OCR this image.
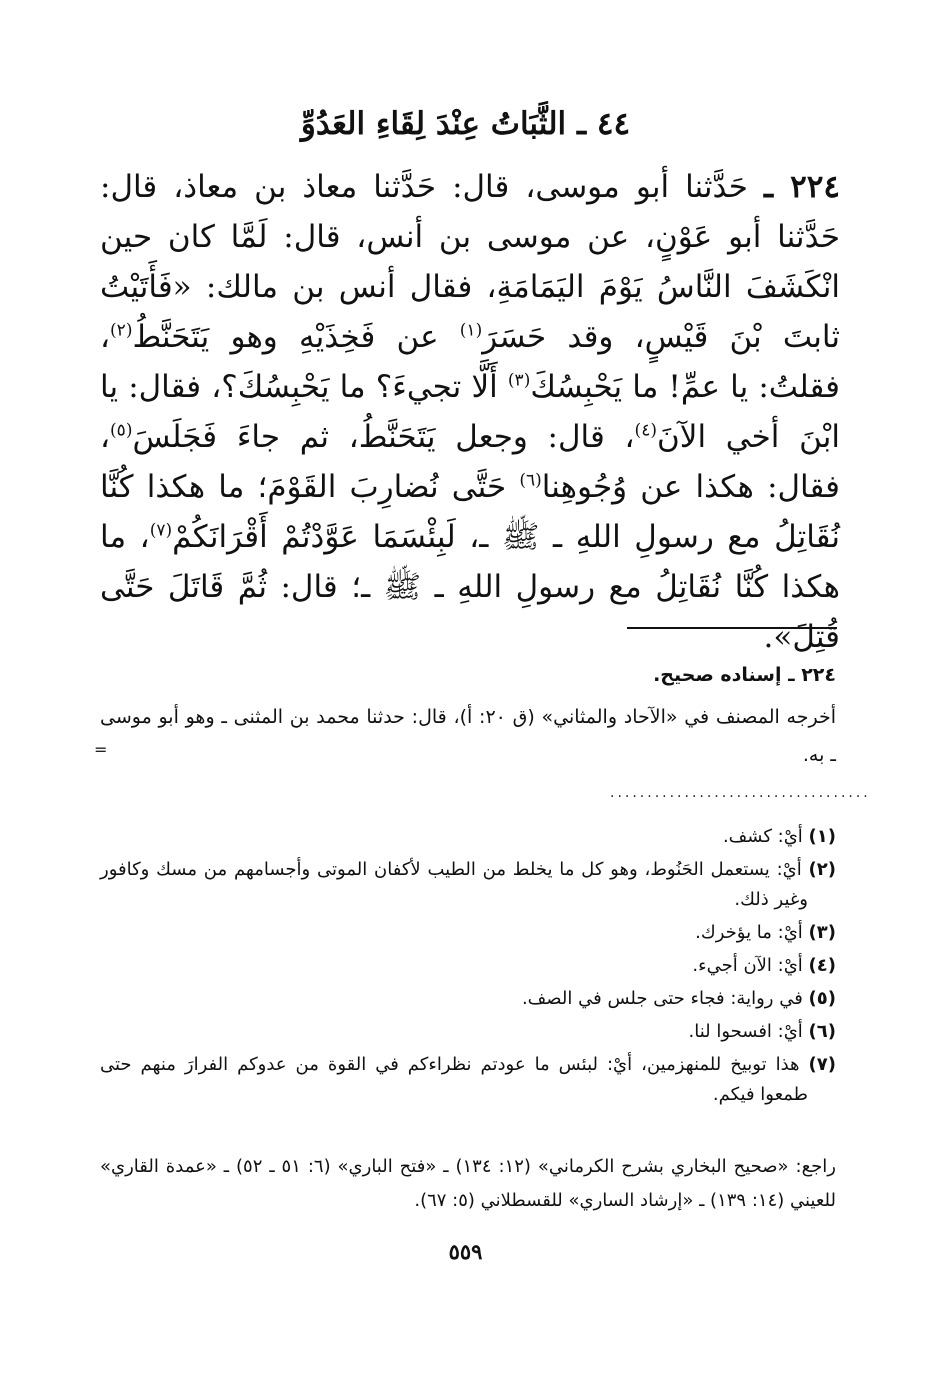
٤٤ ـ الثَّبَاتُ عِنْدَ لِقَاءِ العَدُوِّ
٢٢٤ ـ حَدَّثنا أبو موسى، قال: حَدَّثنا معاذ بن معاذ، قال: حَدَّثنا أبو عَوْنٍ، عن موسى بن أنس، قال: لَمَّا كان حين انْكَشَفَ النَّاسُ يَوْمَ اليَمَامَةِ، فقال أنس بن مالك: «فَأَتَيْتُ ثابتَ بْنَ قَيْسٍ، وقد حَسَرَ$^{(١)}$ عن فَخِذَيْهِ وهو يَتَحَنَّطُ$^{(٢)}$، فقلتُ: يا عمِّ! ما يَحْبِسُكَ$^{(٣)}$ أَلَّا تجيءَ؟ ما يَحْبِسُكَ؟، فقال: يا ابْنَ أخي الآنَ$^{(٤)}$، قال: وجعل يَتَحَنَّطُ، ثم جاءَ فَجَلَسَ$^{(٥)}$، فقال: هكذا عن وُجُوهِنا$^{(٦)}$ حَتَّى نُضارِبَ القَوْمَ؛ ما هكذا كُنَّا نُقَاتِلُ مع رسولِ اللهِ ـ ﷺ ـ، لَبِئْسَمَا عَوَّدْتُمْ أَقْرَانَكُمْ$^{(٧)}$، ما هكذا كُنَّا نُقَاتِلُ مع رسولِ اللهِ ـ ﷺ ـ؛ قال: ثُمَّ قَاتَلَ حَتَّى قُتِلَ».
٢٢٤ ـ إسناده صحيح.
أخرجه المصنف في «الآحاد والمثاني» (ق ٢٠: أ)، قال: حدثنا محمد بن المثنى ـ وهو أبو موسى ـ به.
=
...................................
(١) أيْ: كشف.
(٢) أيْ: يستعمل الحَنُوط، وهو كل ما يخلط من الطيب لأكفان الموتى وأجسامهم من مسك وكافور وغير ذلك.
(٣) أيْ: ما يؤخرك.
(٤) أيْ: الآن أجيء.
(٥) في رواية: فجاء حتى جلس في الصف.
(٦) أيْ: افسحوا لنا.
(٧) هذا توبيخ للمنهزمين، أيْ: لبئس ما عودتم نظراءكم في القوة من عدوكم الفرارَ منهم حتى طمعوا فيكم.
راجع: «صحيح البخاري بشرح الكرماني» (١٢: ١٣٤) ـ «فتح الباري» (٦: ٥١ ـ ٥٢) ـ «عمدة القاري» للعيني (١٤: ١٣٩) ـ «إرشاد الساري» للقسطلاني (٥: ٦٧).
٥٥٩
